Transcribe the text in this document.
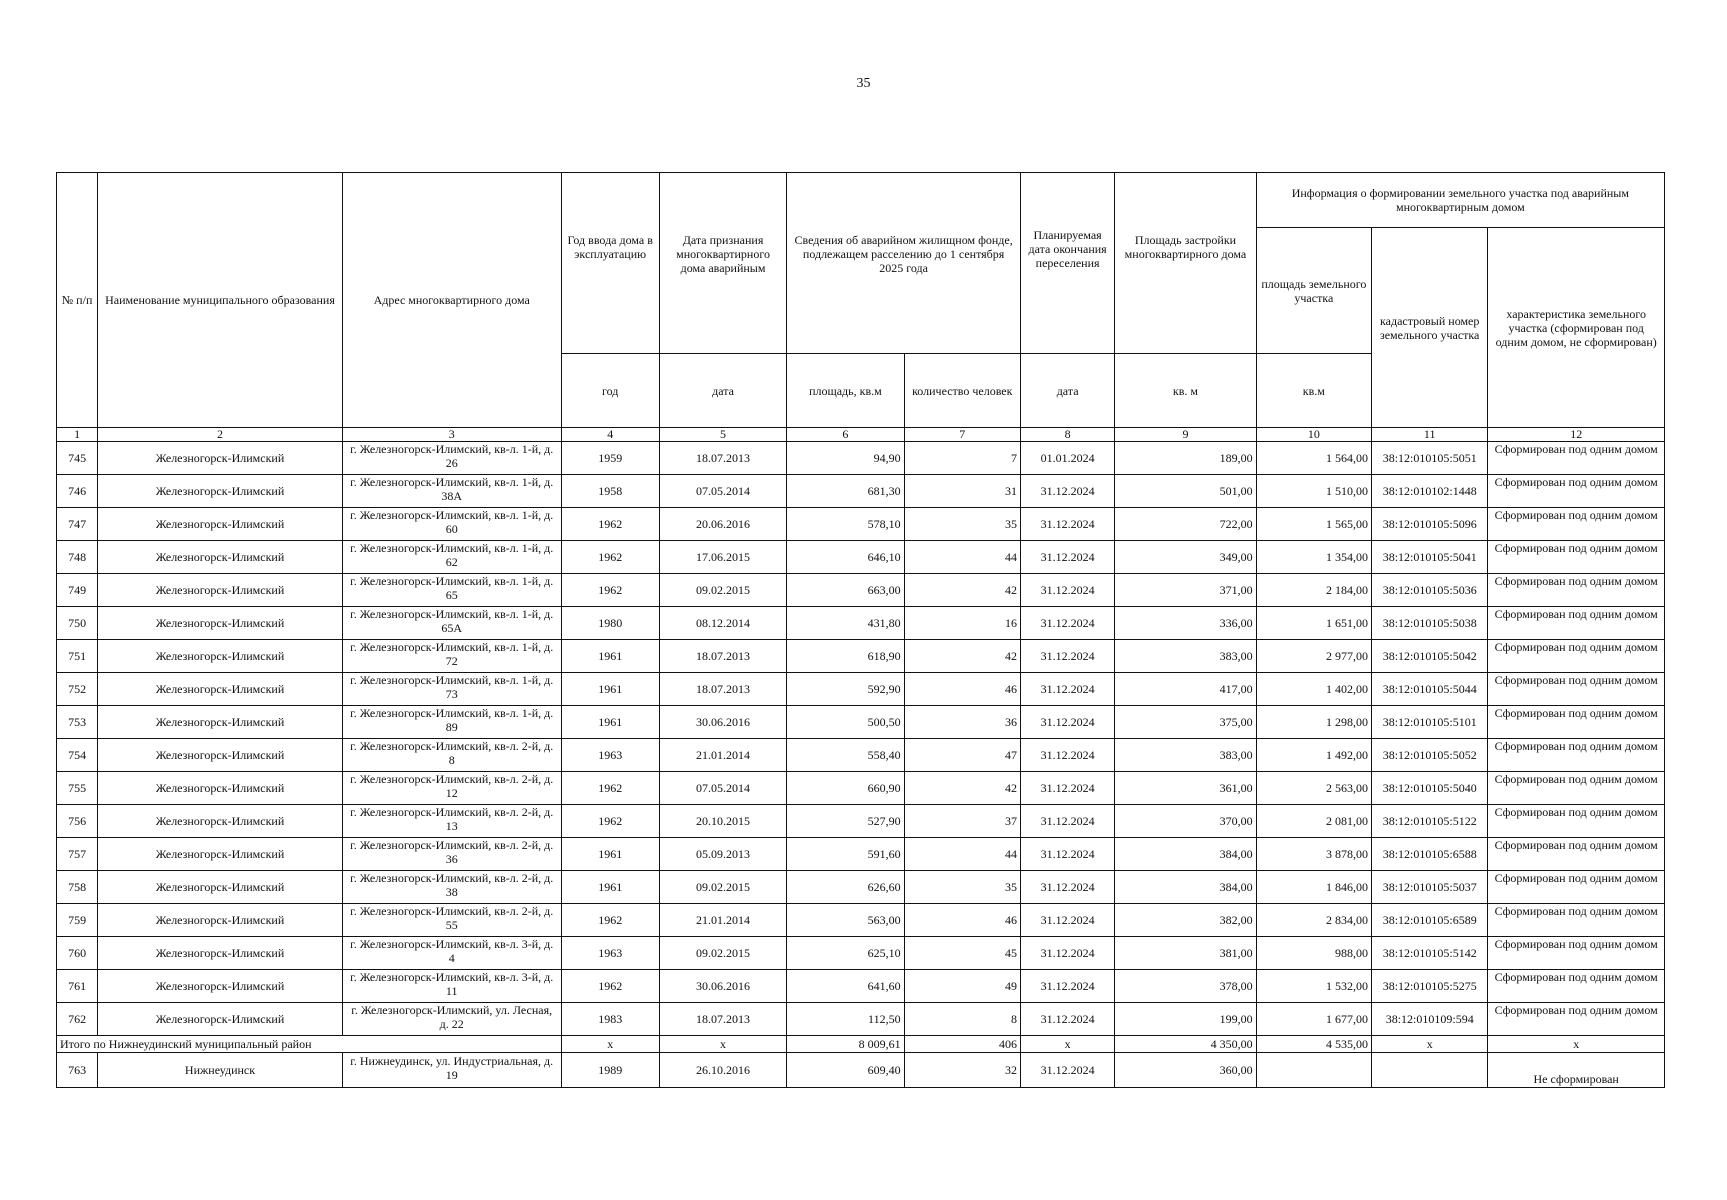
35
№ п/п	Наименование муниципального образования	Адрес многоквартирного дома	Год ввода дома в эксплуатацию	Дата признания многоквартирного дома аварийным	Сведения об аварийном жилищном фонде, подлежащем расселению до 1 сентября 2025 года		Планируемая дата окончания переселения	Площадь застройки многоквартирного дома	Информация о формировании земельного участка под аварийным многоквартирным домом		
									площадь земельного участка	кадастровый номер земельного участка	характеристика земельного участка (сформирован под одним домом, не сформирован)
			год	дата	площадь, кв.м	количество человек	дата	кв. м	кв.м		
1	2	3	4	5	6	7	8	9	10	11	12
745	Железногорск-Илимский	г. Железногорск-Илимский, кв-л. 1-й, д. 26	1959	18.07.2013	94,90	7	01.01.2024	189,00	1 564,00	38:12:010105:5051	Сформирован под одним домом
746	Железногорск-Илимский	г. Железногорск-Илимский, кв-л. 1-й, д. 38А	1958	07.05.2014	681,30	31	31.12.2024	501,00	1 510,00	38:12:010102:1448	Сформирован под одним домом
747	Железногорск-Илимский	г. Железногорск-Илимский, кв-л. 1-й, д. 60	1962	20.06.2016	578,10	35	31.12.2024	722,00	1 565,00	38:12:010105:5096	Сформирован под одним домом
748	Железногорск-Илимский	г. Железногорск-Илимский, кв-л. 1-й, д. 62	1962	17.06.2015	646,10	44	31.12.2024	349,00	1 354,00	38:12:010105:5041	Сформирован под одним домом
749	Железногорск-Илимский	г. Железногорск-Илимский, кв-л. 1-й, д. 65	1962	09.02.2015	663,00	42	31.12.2024	371,00	2 184,00	38:12:010105:5036	Сформирован под одним домом
750	Железногорск-Илимский	г. Железногорск-Илимский, кв-л. 1-й, д. 65А	1980	08.12.2014	431,80	16	31.12.2024	336,00	1 651,00	38:12:010105:5038	Сформирован под одним домом
751	Железногорск-Илимский	г. Железногорск-Илимский, кв-л. 1-й, д. 72	1961	18.07.2013	618,90	42	31.12.2024	383,00	2 977,00	38:12:010105:5042	Сформирован под одним домом
752	Железногорск-Илимский	г. Железногорск-Илимский, кв-л. 1-й, д. 73	1961	18.07.2013	592,90	46	31.12.2024	417,00	1 402,00	38:12:010105:5044	Сформирован под одним домом
753	Железногорск-Илимский	г. Железногорск-Илимский, кв-л. 1-й, д. 89	1961	30.06.2016	500,50	36	31.12.2024	375,00	1 298,00	38:12:010105:5101	Сформирован под одним домом
754	Железногорск-Илимский	г. Железногорск-Илимский, кв-л. 2-й, д. 8	1963	21.01.2014	558,40	47	31.12.2024	383,00	1 492,00	38:12:010105:5052	Сформирован под одним домом
755	Железногорск-Илимский	г. Железногорск-Илимский, кв-л. 2-й, д. 12	1962	07.05.2014	660,90	42	31.12.2024	361,00	2 563,00	38:12:010105:5040	Сформирован под одним домом
756	Железногорск-Илимский	г. Железногорск-Илимский, кв-л. 2-й, д. 13	1962	20.10.2015	527,90	37	31.12.2024	370,00	2 081,00	38:12:010105:5122	Сформирован под одним домом
757	Железногорск-Илимский	г. Железногорск-Илимский, кв-л. 2-й, д. 36	1961	05.09.2013	591,60	44	31.12.2024	384,00	3 878,00	38:12:010105:6588	Сформирован под одним домом
758	Железногорск-Илимский	г. Железногорск-Илимский, кв-л. 2-й, д. 38	1961	09.02.2015	626,60	35	31.12.2024	384,00	1 846,00	38:12:010105:5037	Сформирован под одним домом
759	Железногорск-Илимский	г. Железногорск-Илимский, кв-л. 2-й, д. 55	1962	21.01.2014	563,00	46	31.12.2024	382,00	2 834,00	38:12:010105:6589	Сформирован под одним домом
760	Железногорск-Илимский	г. Железногорск-Илимский, кв-л. 3-й, д. 4	1963	09.02.2015	625,10	45	31.12.2024	381,00	988,00	38:12:010105:5142	Сформирован под одним домом
761	Железногорск-Илимский	г. Железногорск-Илимский, кв-л. 3-й, д. 11	1962	30.06.2016	641,60	49	31.12.2024	378,00	1 532,00	38:12:010105:5275	Сформирован под одним домом
762	Железногорск-Илимский	г. Железногорск-Илимский, ул. Лесная, д. 22	1983	18.07.2013	112,50	8	31.12.2024	199,00	1 677,00	38:12:010109:594	Сформирован под одним домом
Итого по Нижнеудинский муниципальный район			х	х	8 009,61	406	х	4 350,00	4 535,00	х	х
763	Нижнеудинск	г. Нижнеудинск, ул. Индустриальная, д. 19	1989	26.10.2016	609,40	32	31.12.2024	360,00			Не сформирован
